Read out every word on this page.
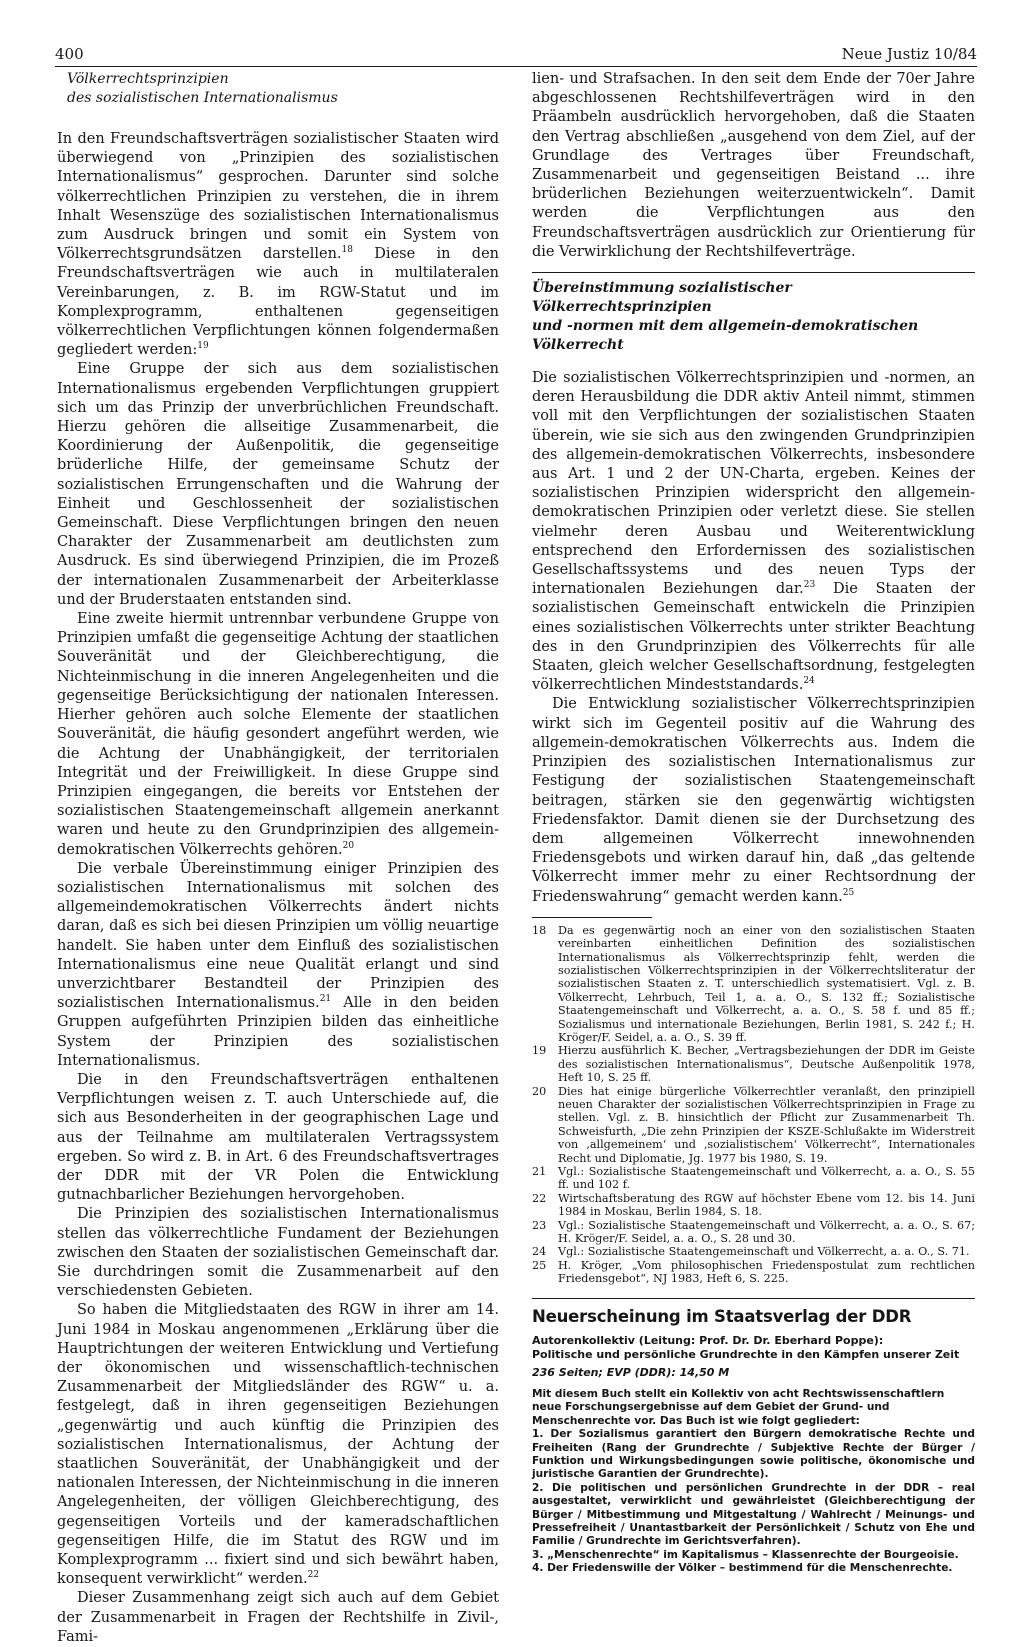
400	Neue Justiz 10/84
Völkerrechtsprinzipien
des sozialistischen Internationalismus

In den Freundschaftsverträgen sozialistischer Staaten wird überwiegend von „Prinzipien des sozialistischen Internationalismus“ gesprochen. Darunter sind solche völkerrechtlichen Prinzipien zu verstehen, die in ihrem Inhalt Wesenszüge des sozialistischen Internationalismus zum Ausdruck bringen und somit ein System von Völkerrechtsgrundsätzen darstellen.$^{18}$ Diese in den Freundschaftsverträgen wie auch in multilateralen Vereinbarungen, z. B. im RGW-Statut und im Komplexprogramm, enthaltenen gegenseitigen völkerrechtlichen Verpflichtungen können folgendermaßen gegliedert werden:$^{19}$

Eine Gruppe der sich aus dem sozialistischen Internationalismus ergebenden Verpflichtungen gruppiert sich um das Prinzip der unverbrüchlichen Freundschaft. Hierzu gehören die allseitige Zusammenarbeit, die Koordinierung der Außenpolitik, die gegenseitige brüderliche Hilfe, der gemeinsame Schutz der sozialistischen Errungenschaften und die Wahrung der Einheit und Geschlossenheit der sozialistischen Gemeinschaft. Diese Verpflichtungen bringen den neuen Charakter der Zusammenarbeit am deutlichsten zum Ausdruck. Es sind überwiegend Prinzipien, die im Prozeß der internationalen Zusammenarbeit der Arbeiterklasse und der Bruderstaaten entstanden sind.

Eine zweite hiermit untrennbar verbundene Gruppe von Prinzipien umfaßt die gegenseitige Achtung der staatlichen Souveränität und der Gleichberechtigung, die Nichteinmischung in die inneren Angelegenheiten und die gegenseitige Berücksichtigung der nationalen Interessen. Hierher gehören auch solche Elemente der staatlichen Souveränität, die häufig gesondert angeführt werden, wie die Achtung der Unabhängigkeit, der territorialen Integrität und der Freiwilligkeit. In diese Gruppe sind Prinzipien eingegangen, die bereits vor Entstehen der sozialistischen Staatengemeinschaft allgemein anerkannt waren und heute zu den Grundprinzipien des allgemein-demokratischen Völkerrechts gehören.$^{20}$

Die verbale Übereinstimmung einiger Prinzipien des sozialistischen Internationalismus mit solchen des allgemeindemokratischen Völkerrechts ändert nichts daran, daß es sich bei diesen Prinzipien um völlig neuartige handelt. Sie haben unter dem Einfluß des sozialistischen Internationalismus eine neue Qualität erlangt und sind unverzichtbarer Bestandteil der Prinzipien des sozialistischen Internationalismus.$^{21}$ Alle in den beiden Gruppen aufgeführten Prinzipien bilden das einheitliche System der Prinzipien des sozialistischen Internationalismus.

Die in den Freundschaftsverträgen enthaltenen Verpflichtungen weisen z. T. auch Unterschiede auf, die sich aus Besonderheiten in der geographischen Lage und aus der Teilnahme am multilateralen Vertragssystem ergeben. So wird z. B. in Art. 6 des Freundschaftsvertrages der DDR mit der VR Polen die Entwicklung gutnachbarlicher Beziehungen hervorgehoben.

Die Prinzipien des sozialistischen Internationalismus stellen das völkerrechtliche Fundament der Beziehungen zwischen den Staaten der sozialistischen Gemeinschaft dar. Sie durchdringen somit die Zusammenarbeit auf den verschiedensten Gebieten.

So haben die Mitgliedstaaten des RGW in ihrer am 14. Juni 1984 in Moskau angenommenen „Erklärung über die Hauptrichtungen der weiteren Entwicklung und Vertiefung der ökonomischen und wissenschaftlich-technischen Zusammenarbeit der Mitgliedsländer des RGW“ u. a. festgelegt, daß in ihren gegenseitigen Beziehungen „gegenwärtig und auch künftig die Prinzipien des sozialistischen Internationalismus, der Achtung der staatlichen Souveränität, der Unabhängigkeit und der nationalen Interessen, der Nichteinmischung in die inneren Angelegenheiten, der völligen Gleichberechtigung, des gegenseitigen Vorteils und der kameradschaftlichen gegenseitigen Hilfe, die im Statut des RGW und im Komplexprogramm ... fixiert sind und sich bewährt haben, konsequent verwirklicht“ werden.$^{22}$

Dieser Zusammenhang zeigt sich auch auf dem Gebiet der Zusammenarbeit in Fragen der Rechtshilfe in Zivil-, Fami-

lien- und Strafsachen. In den seit dem Ende der 70er Jahre abgeschlossenen Rechtshilfeverträgen wird in den Präambeln ausdrücklich hervorgehoben, daß die Staaten den Vertrag abschließen „ausgehend von dem Ziel, auf der Grundlage des Vertrages über Freundschaft, Zusammenarbeit und gegenseitigen Beistand ... ihre brüderlichen Beziehungen weiterzuentwickeln“. Damit werden die Verpflichtungen aus den Freundschaftsverträgen ausdrücklich zur Orientierung für die Verwirklichung der Rechtshilfeverträge.

Übereinstimmung sozialistischer Völkerrechtsprinzipien
und -normen mit dem allgemein-demokratischen Völkerrecht

Die sozialistischen Völkerrechtsprinzipien und -normen, an deren Herausbildung die DDR aktiv Anteil nimmt, stimmen voll mit den Verpflichtungen der sozialistischen Staaten überein, wie sie sich aus den zwingenden Grundprinzipien des allgemein-demokratischen Völkerrechts, insbesondere aus Art. 1 und 2 der UN-Charta, ergeben. Keines der sozialistischen Prinzipien widerspricht den allgemein-demokratischen Prinzipien oder verletzt diese. Sie stellen vielmehr deren Ausbau und Weiterentwicklung entsprechend den Erfordernissen des sozialistischen Gesellschaftssystems und des neuen Typs der internationalen Beziehungen dar.$^{23}$ Die Staaten der sozialistischen Gemeinschaft entwickeln die Prinzipien eines sozialistischen Völkerrechts unter strikter Beachtung des in den Grundprinzipien des Völkerrechts für alle Staaten, gleich welcher Gesellschaftsordnung, festgelegten völkerrechtlichen Mindeststandards.$^{24}$

Die Entwicklung sozialistischer Völkerrechtsprinzipien wirkt sich im Gegenteil positiv auf die Wahrung des allgemein-demokratischen Völkerrechts aus. Indem die Prinzipien des sozialistischen Internationalismus zur Festigung der sozialistischen Staatengemeinschaft beitragen, stärken sie den gegenwärtig wichtigsten Friedensfaktor. Damit dienen sie der Durchsetzung des dem allgemeinen Völkerrecht innewohnenden Friedensgebots und wirken darauf hin, daß „das geltende Völkerrecht immer mehr zu einer Rechtsordnung der Friedenswahrung“ gemacht werden kann.$^{25}$

18	Da es gegenwärtig noch an einer von den sozialistischen Staaten vereinbarten einheitlichen Definition des sozialistischen Internationalismus als Völkerrechtsprinzip fehlt, werden die sozialistischen Völkerrechtsprinzipien in der Völkerrechtsliteratur der sozialistischen Staaten z. T. unterschiedlich systematisiert. Vgl. z. B. Völkerrecht, Lehrbuch, Teil 1, a. a. O., S. 132 ff.; Sozialistische Staatengemeinschaft und Völkerrecht, a. a. O., S. 58 f. und 85 ff.; Sozialismus und internationale Beziehungen, Berlin 1981, S. 242 f.; H. Kröger/F. Seidel, a. a. O., S. 39 ff.
19	Hierzu ausführlich K. Becher, „Vertragsbeziehungen der DDR im Geiste des sozialistischen Internationalismus“, Deutsche Außenpolitik 1978, Heft 10, S. 25 ff.
20	Dies hat einige bürgerliche Völkerrechtler veranlaßt, den prinzipiell neuen Charakter der sozialistischen Völkerrechtsprinzipien in Frage zu stellen. Vgl. z. B. hinsichtlich der Pflicht zur Zusammenarbeit Th. Schweisfurth, „Die zehn Prinzipien der KSZE-Schlußakte im Widerstreit von ‚allgemeinem‘ und ‚sozialistischem‘ Völkerrecht“, Internationales Recht und Diplomatie, Jg. 1977 bis 1980, S. 19.
21	Vgl.: Sozialistische Staatengemeinschaft und Völkerrecht, a. a. O., S. 55 ff. und 102 f.
22	Wirtschaftsberatung des RGW auf höchster Ebene vom 12. bis 14. Juni 1984 in Moskau, Berlin 1984, S. 18.
23	Vgl.: Sozialistische Staatengemeinschaft und Völkerrecht, a. a. O., S. 67; H. Kröger/F. Seidel, a. a. O., S. 28 und 30.
24	Vgl.: Sozialistische Staatengemeinschaft und Völkerrecht, a. a. O., S. 71.
25	H. Kröger, „Vom philosophischen Friedenspostulat zum rechtlichen Friedensgebot“, NJ 1983, Heft 6, S. 225.
Neuerscheinung im Staatsverlag der DDR
Autorenkollektiv (Leitung: Prof. Dr. Dr. Eberhard Poppe):
Politische und persönliche Grundrechte in den Kämpfen unserer Zeit
236 Seiten; EVP (DDR): 14,50 M
Mit diesem Buch stellt ein Kollektiv von acht Rechtswissenschaftlern neue Forschungsergebnisse auf dem Gebiet der Grund- und Menschenrechte vor. Das Buch ist wie folgt gegliedert:
1. Der Sozialismus garantiert den Bürgern demokratische Rechte und Freiheiten (Rang der Grundrechte / Subjektive Rechte der Bürger / Funktion und Wirkungsbedingungen sowie politische, ökonomische und juristische Garantien der Grundrechte).
2. Die politischen und persönlichen Grundrechte in der DDR – real ausgestaltet, verwirklicht und gewährleistet (Gleichberechtigung der Bürger / Mitbestimmung und Mitgestaltung / Wahlrecht / Meinungs- und Pressefreiheit / Unantastbarkeit der Persönlichkeit / Schutz von Ehe und Familie / Grundrechte im Gerichtsverfahren).
3. „Menschenrechte“ im Kapitalismus – Klassenrechte der Bourgeoisie.
4. Der Friedenswille der Völker – bestimmend für die Menschenrechte.
